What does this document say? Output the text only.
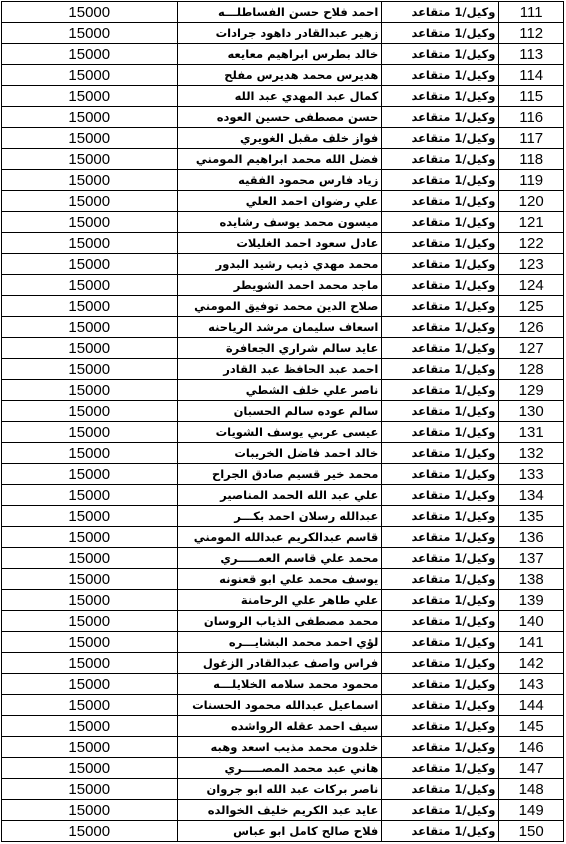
15000	احمد فلاح حسن الفساطلـــه	وكيل/1 متقاعد	111
15000	زهير عبدالقادر داهود جرادات	وكيل/1 متقاعد	112
15000	خالد بطرس ابراهيم معايعه	وكيل/1 متقاعد	113
15000	هديرس محمد هديرس مفلح	وكيل/1 متقاعد	114
15000	كمال عبد المهدي عبد الله	وكيل/1 متقاعد	115
15000	حسن مصطفى حسين العوده	وكيل/1 متقاعد	116
15000	فواز خلف مقبل الغويري	وكيل/1 متقاعد	117
15000	فضل الله محمد ابراهيم المومني	وكيل/1 متقاعد	118
15000	زياد فارس محمود الفقيه	وكيل/1 متقاعد	119
15000	علي رضوان احمد العلي	وكيل/1 متقاعد	120
15000	ميسون محمد يوسف رشايده	وكيل/1 متقاعد	121
15000	عادل سعود احمد الغليلات	وكيل/1 متقاعد	122
15000	محمد مهدي ذيب رشيد البدور	وكيل/1 متقاعد	123
15000	ماجد محمد احمد الشويطر	وكيل/1 متقاعد	124
15000	صلاح الدين محمد توفيق المومني	وكيل/1 متقاعد	125
15000	اسعاف سليمان مرشد الرياحنه	وكيل/1 متقاعد	126
15000	عايد سالم شراري الجعافرة	وكيل/1 متقاعد	127
15000	احمد عبد الحافظ عبد القادر	وكيل/1 متقاعد	128
15000	ناصر علي خلف الشطي	وكيل/1 متقاعد	129
15000	سالم عوده سالم الحسبان	وكيل/1 متقاعد	130
15000	عيسى عربي يوسف الشويات	وكيل/1 متقاعد	131
15000	خالد احمد فاضل الخريبات	وكيل/1 متقاعد	132
15000	محمد خير قسيم صادق الجراح	وكيل/1 متقاعد	133
15000	علي عبد الله الحمد المناصير	وكيل/1 متقاعد	134
15000	عبدالله رسلان احمد بكـــر	وكيل/1 متقاعد	135
15000	قاسم عبدالكريم عبدالله المومني	وكيل/1 متقاعد	136
15000	محمد علي قاسم العمـــــري	وكيل/1 متقاعد	137
15000	يوسف محمد علي ابو قعنونه	وكيل/1 متقاعد	138
15000	علي طاهر علي الرحامنة	وكيل/1 متقاعد	139
15000	محمد مصطفى الذياب الروسان	وكيل/1 متقاعد	140
15000	لؤي احمد محمد البشايـــره	وكيل/1 متقاعد	141
15000	فراس واصف عبدالقادر الزغول	وكيل/1 متقاعد	142
15000	محمود محمد سلامه الخلايلـــه	وكيل/1 متقاعد	143
15000	اسماعيل عبدالله محمود الحسنات	وكيل/1 متقاعد	144
15000	سيف احمد عقله الرواشده	وكيل/1 متقاعد	145
15000	خلدون محمد مذيب اسعد وهبه	وكيل/1 متقاعد	146
15000	هاني عبد محمد المصـــــري	وكيل/1 متقاعد	147
15000	ناصر بركات عبد الله ابو جروان	وكيل/1 متقاعد	148
15000	عايد عبد الكريم خليف الخوالده	وكيل/1 متقاعد	149
15000	فلاح صالح كامل ابو عباس	وكيل/1 متقاعد	150
